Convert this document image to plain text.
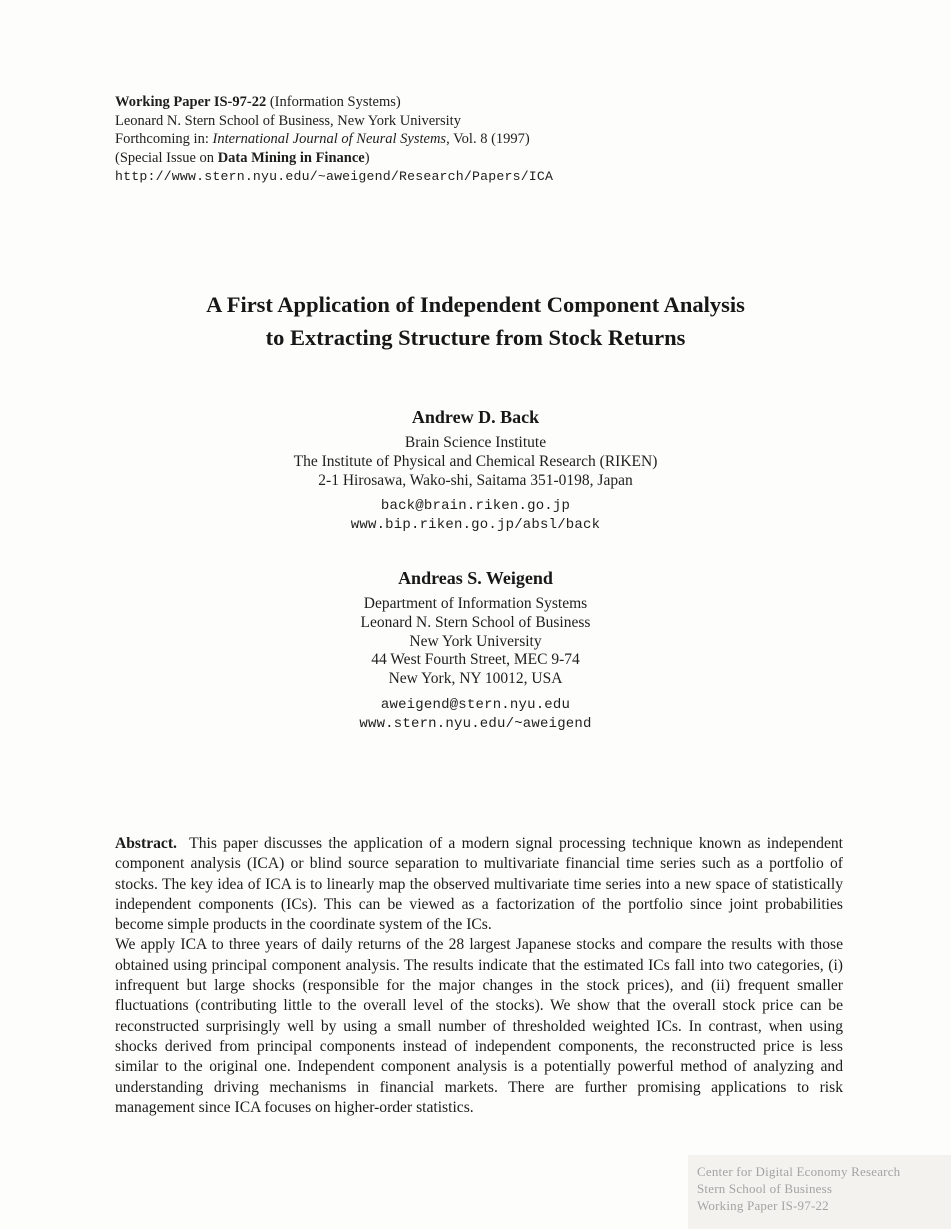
Working Paper IS-97-22 (Information Systems)
Leonard N. Stern School of Business, New York University
Forthcoming in: International Journal of Neural Systems, Vol. 8 (1997)
(Special Issue on Data Mining in Finance)
http://www.stern.nyu.edu/~aweigend/Research/Papers/ICA
A First Application of Independent Component Analysis
to Extracting Structure from Stock Returns
Andrew D. Back
Brain Science Institute
The Institute of Physical and Chemical Research (RIKEN)
2-1 Hirosawa, Wako-shi, Saitama 351-0198, Japan
back@brain.riken.go.jp
www.bip.riken.go.jp/absl/back
Andreas S. Weigend
Department of Information Systems
Leonard N. Stern School of Business
New York University
44 West Fourth Street, MEC 9-74
New York, NY 10012, USA
aweigend@stern.nyu.edu
www.stern.nyu.edu/~aweigend

Abstract. This paper discusses the application of a modern signal processing technique known as independent component analysis (ICA) or blind source separation to multivariate financial time series such as a portfolio of stocks. The key idea of ICA is to linearly map the observed multivariate time series into a new space of statistically independent components (ICs). This can be viewed as a factorization of the portfolio since joint probabilities become simple products in the coordinate system of the ICs.

We apply ICA to three years of daily returns of the 28 largest Japanese stocks and compare the results with those obtained using principal component analysis. The results indicate that the estimated ICs fall into two categories, (i) infrequent but large shocks (responsible for the major changes in the stock prices), and (ii) frequent smaller fluctuations (contributing little to the overall level of the stocks). We show that the overall stock price can be reconstructed surprisingly well by using a small number of thresholded weighted ICs. In contrast, when using shocks derived from principal components instead of independent components, the reconstructed price is less similar to the original one. Independent component analysis is a potentially powerful method of analyzing and understanding driving mechanisms in financial markets. There are further promising applications to risk management since ICA focuses on higher-order statistics.

Center for Digital Economy Research
Stern School of Business
Working Paper IS-97-22
